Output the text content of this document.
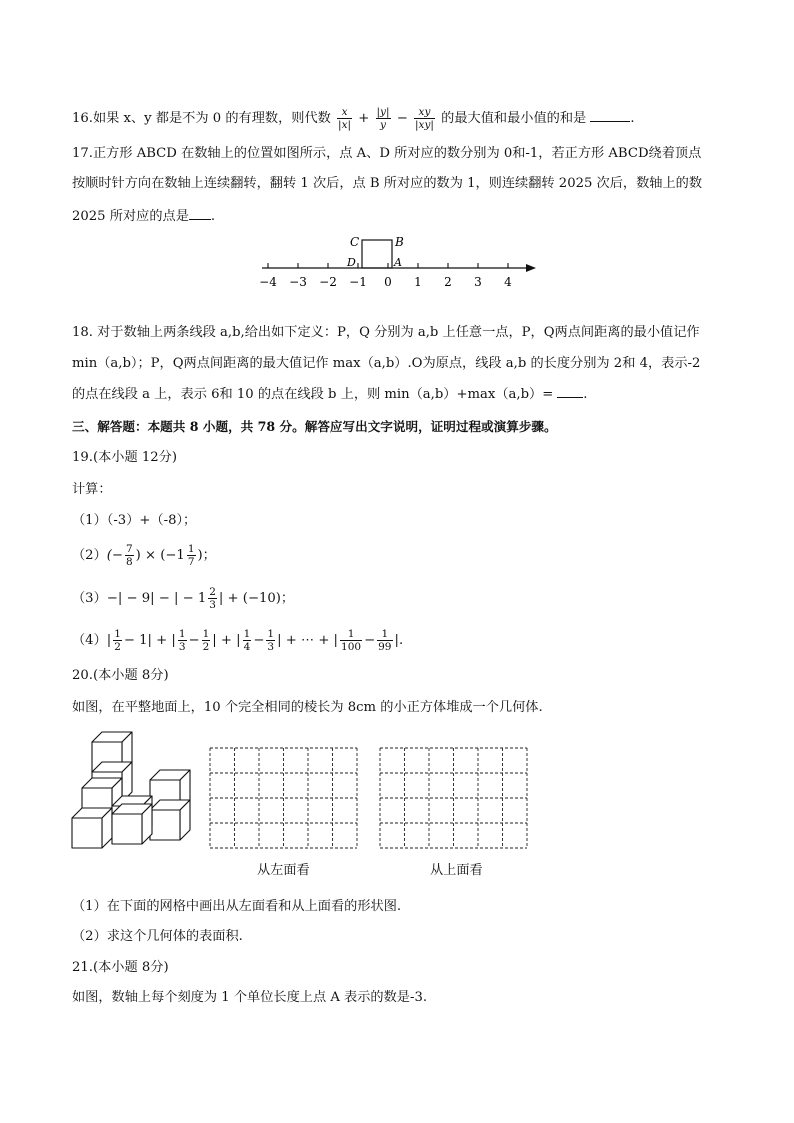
16.如果 x、y 都是不为 0 的有理数，则代数 $\frac{x}{|x|} + \frac{|y|}{y} - \frac{xy}{|xy|}$ 的最大值和最小值的和是	.
17.正方形 ABCD 在数轴上的位置如图所示，点 A、D 所对应的数分别为 0和-1，若正方形 ABCD绕着顶点
按顺时针方向在数轴上连续翻转，翻转 1 次后，点 B 所对应的数为 1，则连续翻转 2025 次后，数轴上的数
2025 所对应的点是 .
−4 −3 −2 −1 0 1 2 3 4
C	B
D	A
18. 对于数轴上两条线段 a,b,给出如下定义：P，Q 分别为 a,b 上任意一点，P，Q两点间距离的最小值记作
min（a,b）；P，Q两点间距离的最大值记作 max（a,b）.O为原点，线段 a,b 的长度分别为 2和 4，表示-2
的点在线段 a 上，表示 6和 10 的点在线段 b 上，则 min（a,b）+max（a,b）= .
三、解答题：本题共 8 小题，共 78 分。解答应写出文字说明，证明过程或演算步骤。
19.(本小题 12分)
计算：
（1）（-3）+（-8）；
$(2)(- \frac{7}{8}$ ) × ($-1 \frac{1}{7}$ )；
（3）−| − 9| − | − $1 \frac{2}{3}$ | + (−10)；
$(4)| \frac{1}{2} - 1|$ + | $\frac{1}{3} - \frac{1}{2}$ | + | $\frac{1}{4} - \frac{1}{3}$ | + ⋯ + | $\frac{1}{100} - \frac{1}{99}$ |.
20.(本小题 8分)
如图，在平整地面上，10 个完全相同的棱长为 8cm 的小正方体堆成一个几何体.
从左面看	从上面看
（1）在下面的网格中画出从左面看和从上面看的形状图.
（2）求这个几何体的表面积.
21.(本小题 8分)
如图，数轴上每个刻度为 1 个单位长度上点 A 表示的数是-3.
